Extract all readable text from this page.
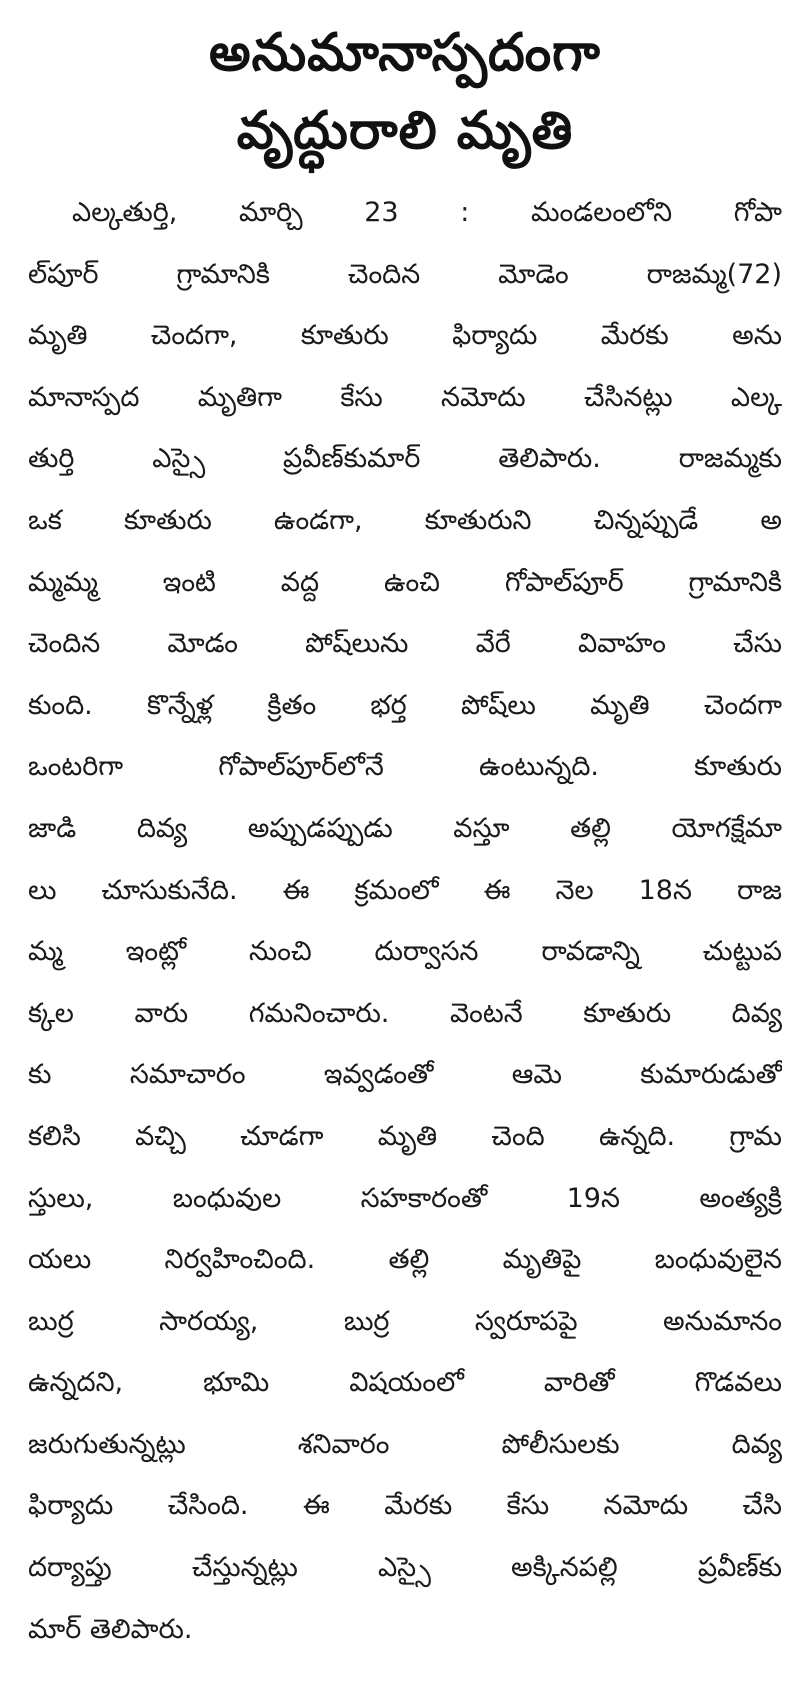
అనుమానాస్పదంగా
వృద్ధురాలి మృతి
ఎల్కతుర్తి, మార్చి 23 : మండలంలోని గోపా
ల్‌పూర్‌ గ్రామానికి చెందిన మోడెం రాజమ్మ(72)
మృతి చెందగా, కూతురు ఫిర్యాదు మేరకు అను
మానాస్పద మృతిగా కేసు నమోదు చేసినట్లు ఎల్క
తుర్తి ఎస్సై ప్రవీణ్‌కుమార్‌ తెలిపారు. రాజమ్మకు
ఒక కూతురు ఉండగా, కూతురుని చిన్నప్పుడే అ
మ్మమ్మ ఇంటి వద్ద ఉంచి గోపాల్‌పూర్‌ గ్రామానికి
చెందిన మోడం పోష్‌లును వేరే వివాహం చేసు
కుంది. కొన్నేళ్ల క్రితం భర్త పోష్‌లు మృతి చెందగా
ఒంటరిగా గోపాల్‌పూర్‌లోనే ఉంటున్నది. కూతురు
జాడి దివ్య అప్పుడప్పుడు వస్తూ తల్లి యోగక్షేమా
లు చూసుకునేది. ఈ క్రమంలో ఈ నెల 18న రాజ
మ్మ ఇంట్లో నుంచి దుర్వాసన రావడాన్ని చుట్టుప
క్కల వారు గమనించారు. వెంటనే కూతురు దివ్య
కు సమాచారం ఇవ్వడంతో ఆమె కుమారుడుతో
కలిసి వచ్చి చూడగా మృతి చెంది ఉన్నది. గ్రామ
స్తులు, బంధువుల సహకారంతో 19న అంత్యక్రి
యలు నిర్వహించింది. తల్లి మృతిపై బంధువులైన
బుర్ర సారయ్య, బుర్ర స్వరూపపై అనుమానం
ఉన్నదని, భూమి విషయంలో వారితో గొడవలు
జరుగుతున్నట్లు శనివారం పోలీసులకు దివ్య
ఫిర్యాదు చేసింది. ఈ మేరకు కేసు నమోదు చేసి
దర్యాప్తు చేస్తున్నట్లు ఎస్సై అక్కినపల్లి ప్రవీణ్‌కు
మార్‌ తెలిపారు.
